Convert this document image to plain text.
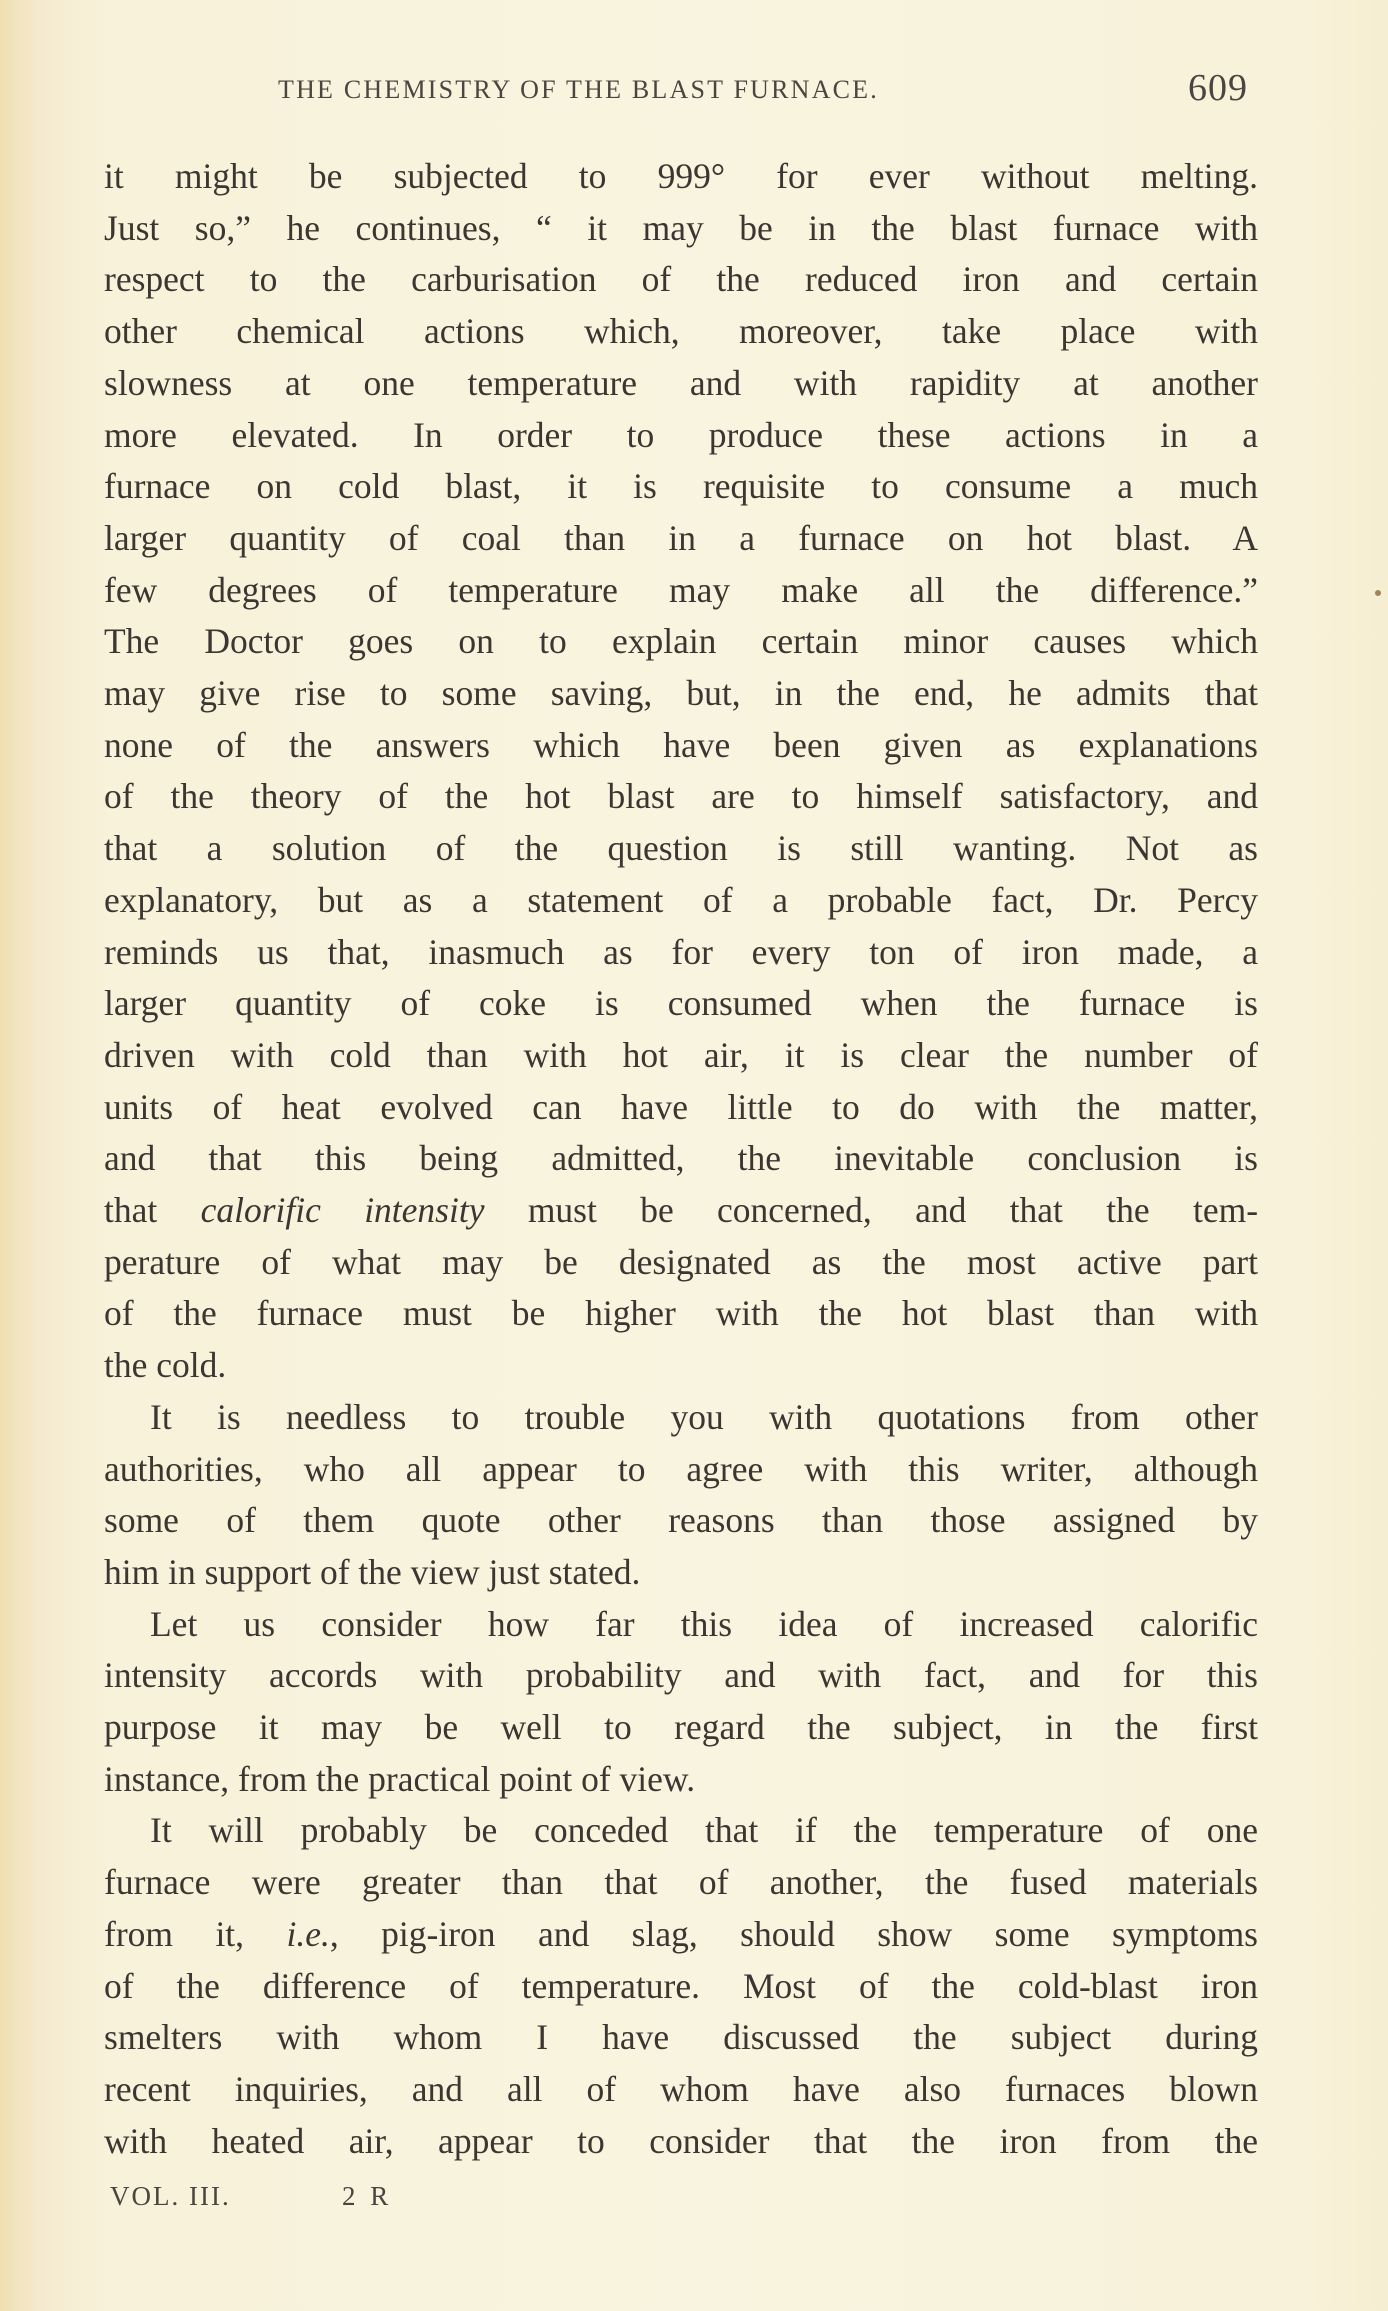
THE CHEMISTRY OF THE BLAST FURNACE.	609
it might be subjected to 999° for ever without melting.
Just so,” he continues, “ it may be in the blast furnace with
respect to the carburisation of the reduced iron and certain
other chemical actions which, moreover, take place with
slowness at one temperature and with rapidity at another
more elevated. In order to produce these actions in a
furnace on cold blast, it is requisite to consume a much
larger quantity of coal than in a furnace on hot blast. A
few degrees of temperature may make all the difference.”
The Doctor goes on to explain certain minor causes which
may give rise to some saving, but, in the end, he admits that
none of the answers which have been given as explanations
of the theory of the hot blast are to himself satisfactory, and
that a solution of the question is still wanting. Not as
explanatory, but as a statement of a probable fact, Dr. Percy
reminds us that, inasmuch as for every ton of iron made, a
larger quantity of coke is consumed when the furnace is
driven with cold than with hot air, it is clear the number of
units of heat evolved can have little to do with the matter,
and that this being admitted, the inevitable conclusion is
that calorific intensity must be concerned, and that the tem-
perature of what may be designated as the most active part
of the furnace must be higher with the hot blast than with
the cold.
It is needless to trouble you with quotations from other
authorities, who all appear to agree with this writer, although
some of them quote other reasons than those assigned by
him in support of the view just stated.
Let us consider how far this idea of increased calorific
intensity accords with probability and with fact, and for this
purpose it may be well to regard the subject, in the first
instance, from the practical point of view.
It will probably be conceded that if the temperature of one
furnace were greater than that of another, the fused materials
from it, i.e., pig-iron and slag, should show some symptoms
of the difference of temperature. Most of the cold-blast iron
smelters with whom I have discussed the subject during
recent inquiries, and all of whom have also furnaces blown
with heated air, appear to consider that the iron from the
VOL. III.	2 R
